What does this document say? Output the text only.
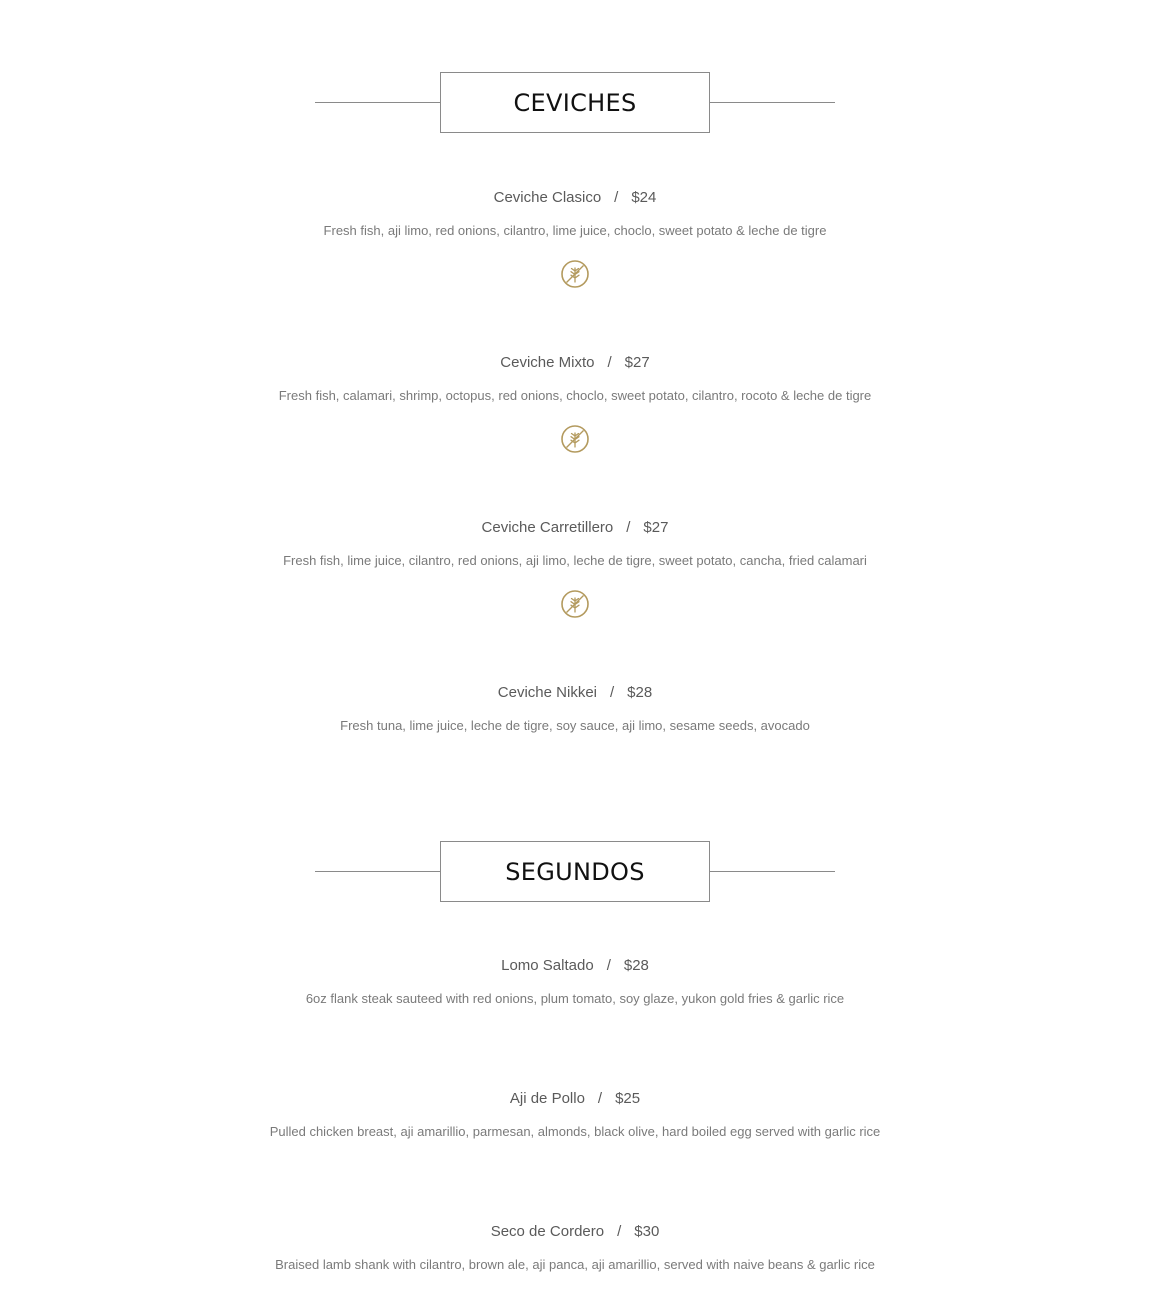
CEVICHES
Ceviche Clasico / $24
Fresh fish, aji limo, red onions, cilantro, lime juice, choclo, sweet potato & leche de tigre
Ceviche Mixto / $27
Fresh fish, calamari, shrimp, octopus, red onions, choclo, sweet potato, cilantro, rocoto & leche de tigre
Ceviche Carretillero / $27
Fresh fish, lime juice, cilantro, red onions, aji limo, leche de tigre, sweet potato, cancha, fried calamari
Ceviche Nikkei / $28
Fresh tuna, lime juice, leche de tigre, soy sauce, aji limo, sesame seeds, avocado
SEGUNDOS
Lomo Saltado / $28
6oz flank steak sauteed with red onions, plum tomato, soy glaze, yukon gold fries & garlic rice
Aji de Pollo / $25
Pulled chicken breast, aji amarillio, parmesan, almonds, black olive, hard boiled egg served with garlic rice
Seco de Cordero / $30
Braised lamb shank with cilantro, brown ale, aji panca, aji amarillio, served with naive beans & garlic rice
